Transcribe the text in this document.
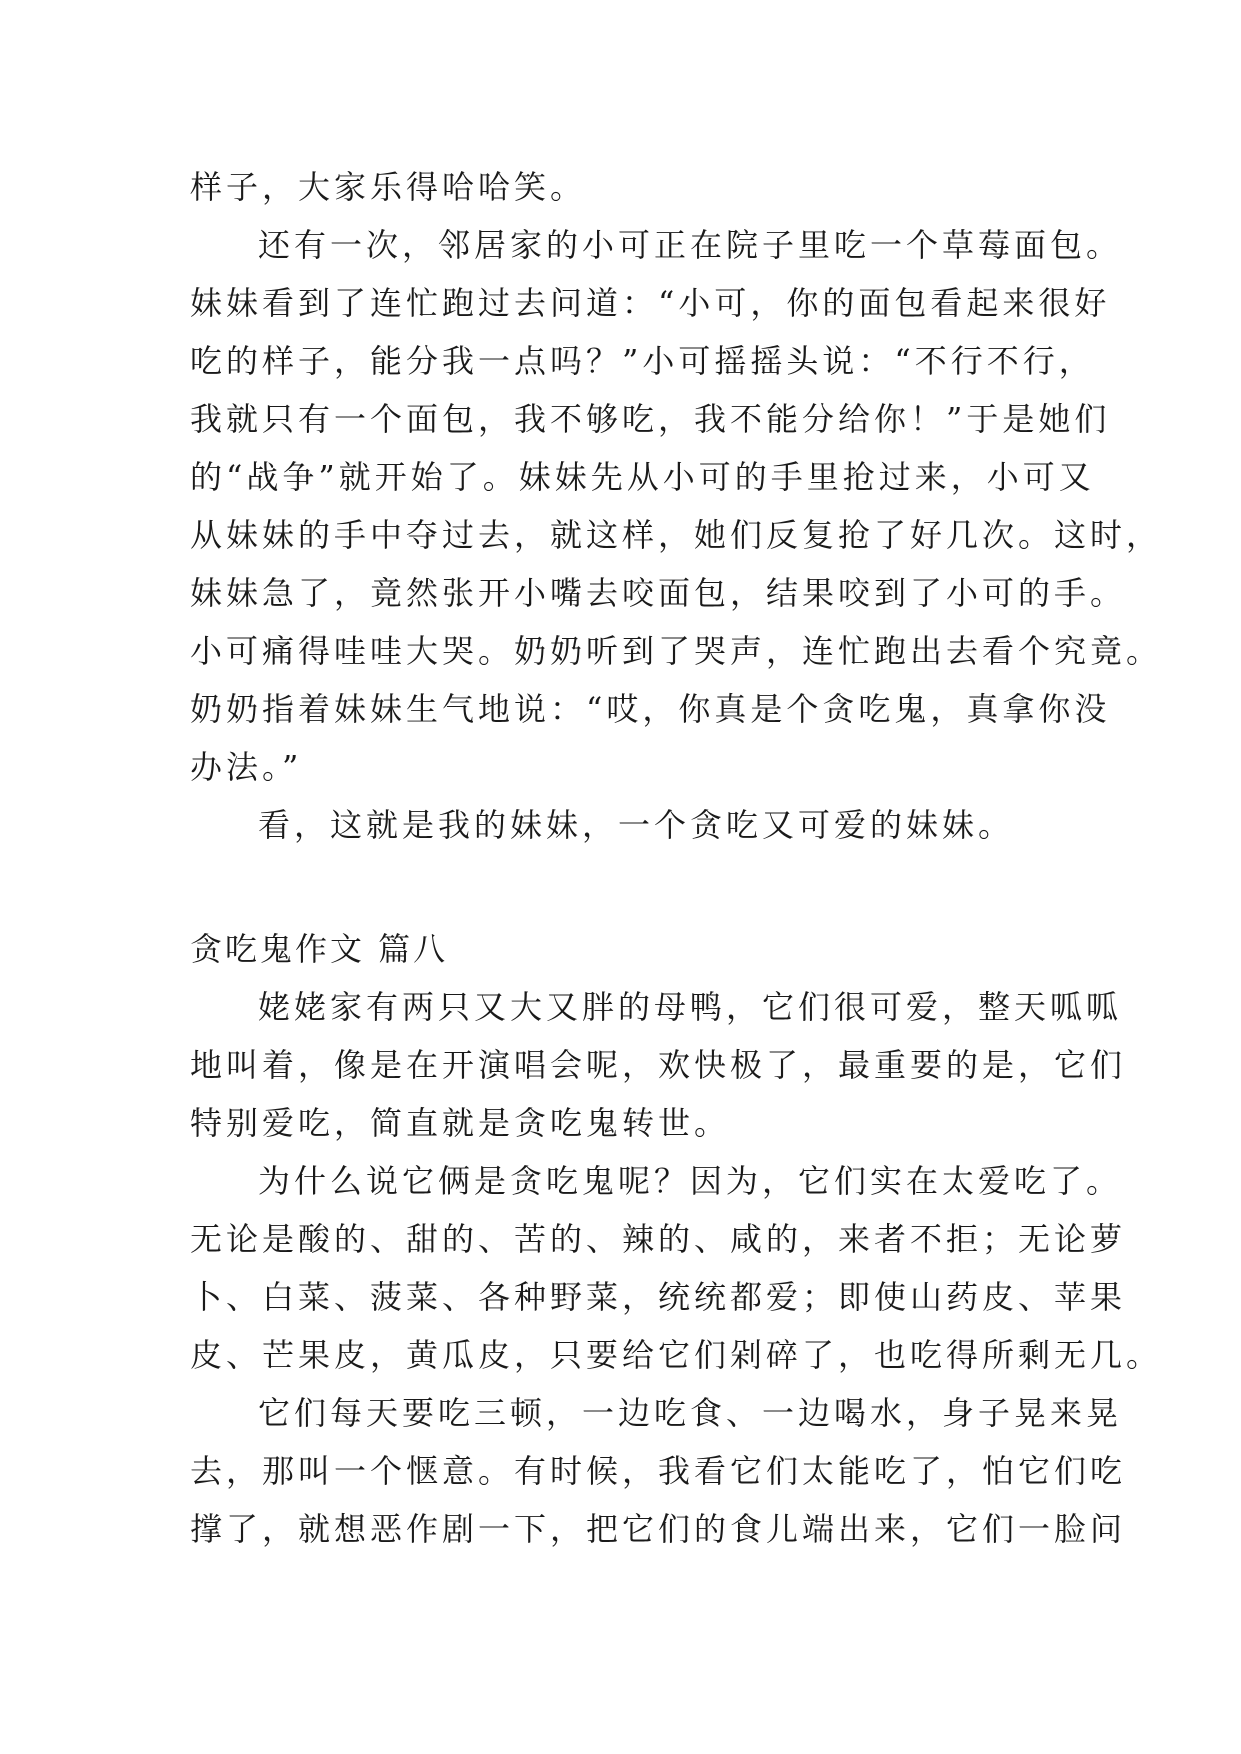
样子，大家乐得哈哈笑。
还有一次，邻居家的小可正在院子里吃一个草莓面包。
妹妹看到了连忙跑过去问道：“小可，你的面包看起来很好
吃的样子，能分我一点吗？”小可摇摇头说：“不行不行，
我就只有一个面包，我不够吃，我不能分给你！”于是她们
的“战争”就开始了。妹妹先从小可的手里抢过来，小可又
从妹妹的手中夺过去，就这样，她们反复抢了好几次。这时，
妹妹急了，竟然张开小嘴去咬面包，结果咬到了小可的手。
小可痛得哇哇大哭。奶奶听到了哭声，连忙跑出去看个究竟。
奶奶指着妹妹生气地说：“哎，你真是个贪吃鬼，真拿你没
办法。”
看，这就是我的妹妹，一个贪吃又可爱的妹妹。
贪吃鬼作文 篇八
姥姥家有两只又大又胖的母鸭，它们很可爱，整天呱呱
地叫着，像是在开演唱会呢，欢快极了，最重要的是，它们
特别爱吃，简直就是贪吃鬼转世。
为什么说它俩是贪吃鬼呢？因为，它们实在太爱吃了。
无论是酸的、甜的、苦的、辣的、咸的，来者不拒；无论萝
卜、白菜、菠菜、各种野菜，统统都爱；即使山药皮、苹果
皮、芒果皮，黄瓜皮，只要给它们剁碎了，也吃得所剩无几。
它们每天要吃三顿，一边吃食、一边喝水，身子晃来晃
去，那叫一个惬意。有时候，我看它们太能吃了，怕它们吃
撑了，就想恶作剧一下，把它们的食儿端出来，它们一脸问
